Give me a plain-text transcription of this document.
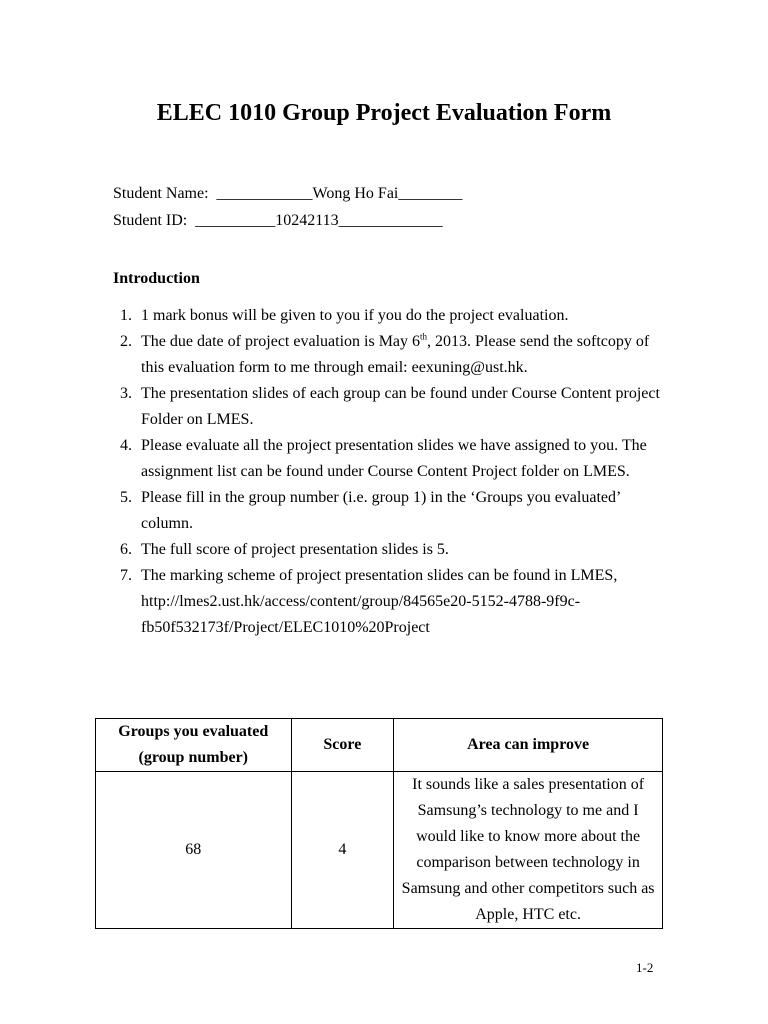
ELEC 1010 Group Project Evaluation Form
Student Name: ____________Wong Ho Fai________
Student ID: __________10242113_____________
Introduction
1. 1 mark bonus will be given to you if you do the project evaluation.
2. The due date of project evaluation is May 6th, 2013. Please send the softcopy of this evaluation form to me through email: eexuning@ust.hk.
3. The presentation slides of each group can be found under Course Content project Folder on LMES.
4. Please evaluate all the project presentation slides we have assigned to you. The assignment list can be found under Course Content Project folder on LMES.
5. Please fill in the group number (i.e. group 1) in the ‘Groups you evaluated’ column.
6. The full score of project presentation slides is 5.
7. The marking scheme of project presentation slides can be found in LMES, http://lmes2.ust.hk/access/content/group/84565e20-5152-4788-9f9c-fb50f532173f/Project/ELEC1010%20Project
Groups you evaluated (group number)	Score	Area can improve
68	4	It sounds like a sales presentation of Samsung’s technology to me and I would like to know more about the comparison between technology in Samsung and other competitors such as Apple, HTC etc.
1-2
